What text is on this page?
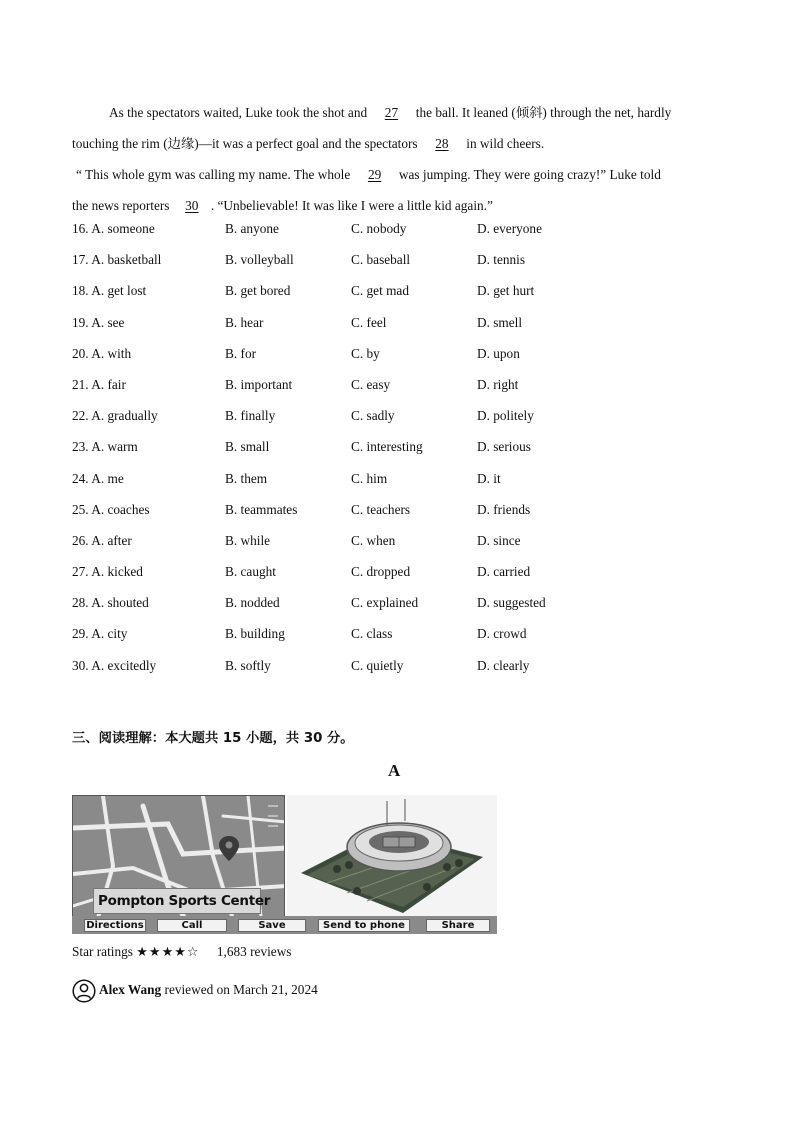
As the spectators waited, Luke took the shot and 27 the ball. It leaned (倾斜) through the net, hardly
touching the rim (边缘)—it was a perfect goal and the spectators 28 in wild cheers.
“ This whole gym was calling my name. The whole 29 was jumping. They were going crazy!” Luke told
the news reporters 30 . “Unbelievable! It was like I were a little kid again.”
16. A. someone	B. anyone	C. nobody	D. everyone
17. A. basketball	B. volleyball	C. baseball	D. tennis
18. A. get lost	B. get bored	C. get mad	D. get hurt
19. A. see	B. hear	C. feel	D. smell
20. A. with	B. for	C. by	D. upon
21. A. fair	B. important	C. easy	D. right
22. A. gradually	B. finally	C. sadly	D. politely
23. A. warm	B. small	C. interesting	D. serious
24. A. me	B. them	C. him	D. it
25. A. coaches	B. teammates	C. teachers	D. friends
26. A. after	B. while	C. when	D. since
27. A. kicked	B. caught	C. dropped	D. carried
28. A. shouted	B. nodded	C. explained	D. suggested
29. A. city	B. building	C. class	D. crowd
30. A. excitedly	B. softly	C. quietly	D. clearly
三、阅读理解：本大题共 15 小题，共 30 分。
A
Pompton Sports Center
Directions	Call	Save	Send to phone	Share
Star ratings ★★★★☆ 1,683 reviews
Alex Wang reviewed on March 21, 2024
